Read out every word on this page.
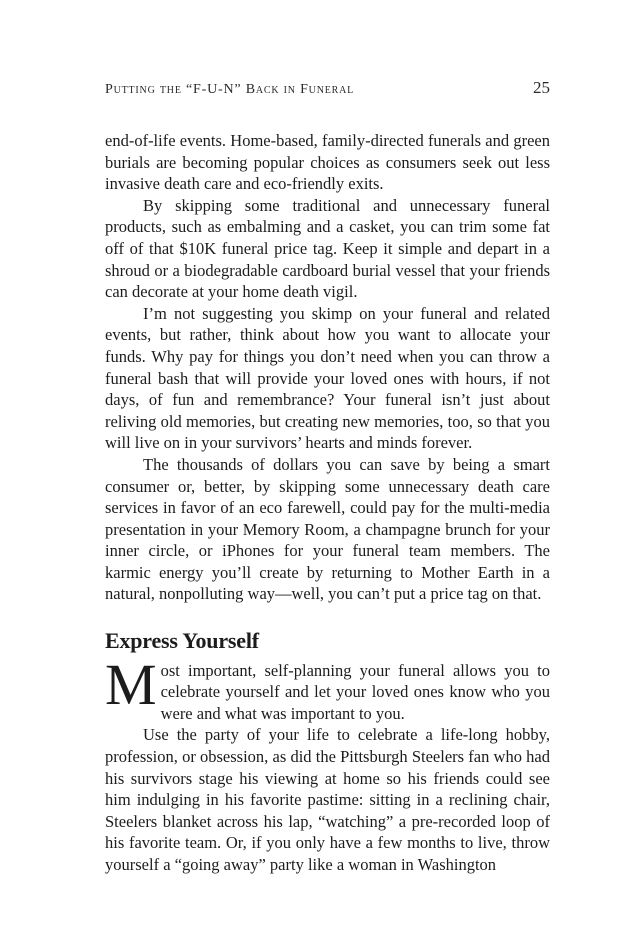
Putting the “F-U-N” Back in Funeral	25

end-of-life events. Home-based, family-directed funerals and green burials are becoming popular choices as consumers seek out less invasive death care and eco-friendly exits.

By skipping some traditional and unnecessary funeral products, such as embalming and a casket, you can trim some fat off of that $10K funeral price tag. Keep it simple and depart in a shroud or a biodegradable cardboard burial vessel that your friends can decorate at your home death vigil.

I’m not suggesting you skimp on your funeral and related events, but rather, think about how you want to allocate your funds. Why pay for things you don’t need when you can throw a funeral bash that will provide your loved ones with hours, if not days, of fun and remembrance? Your funeral isn’t just about reliving old memories, but creating new memories, too, so that you will live on in your survivors’ hearts and minds forever.

The thousands of dollars you can save by being a smart consumer or, better, by skipping some unnecessary death care services in favor of an eco farewell, could pay for the multi-media presentation in your Memory Room, a champagne brunch for your inner circle, or iPhones for your funeral team members. The karmic energy you’ll create by returning to Mother Earth in a natural, nonpolluting way—well, you can’t put a price tag on that.

Express Yourself

Most important, self-planning your funeral allows you to celebrate yourself and let your loved ones know who you were and what was important to you.

Use the party of your life to celebrate a life-long hobby, profession, or obsession, as did the Pittsburgh Steelers fan who had his survivors stage his viewing at home so his friends could see him indulging in his favorite pastime: sitting in a reclining chair, Steelers blanket across his lap, “watching” a pre-recorded loop of his favorite team. Or, if you only have a few months to live, throw yourself a “going away” party like a woman in Washington
